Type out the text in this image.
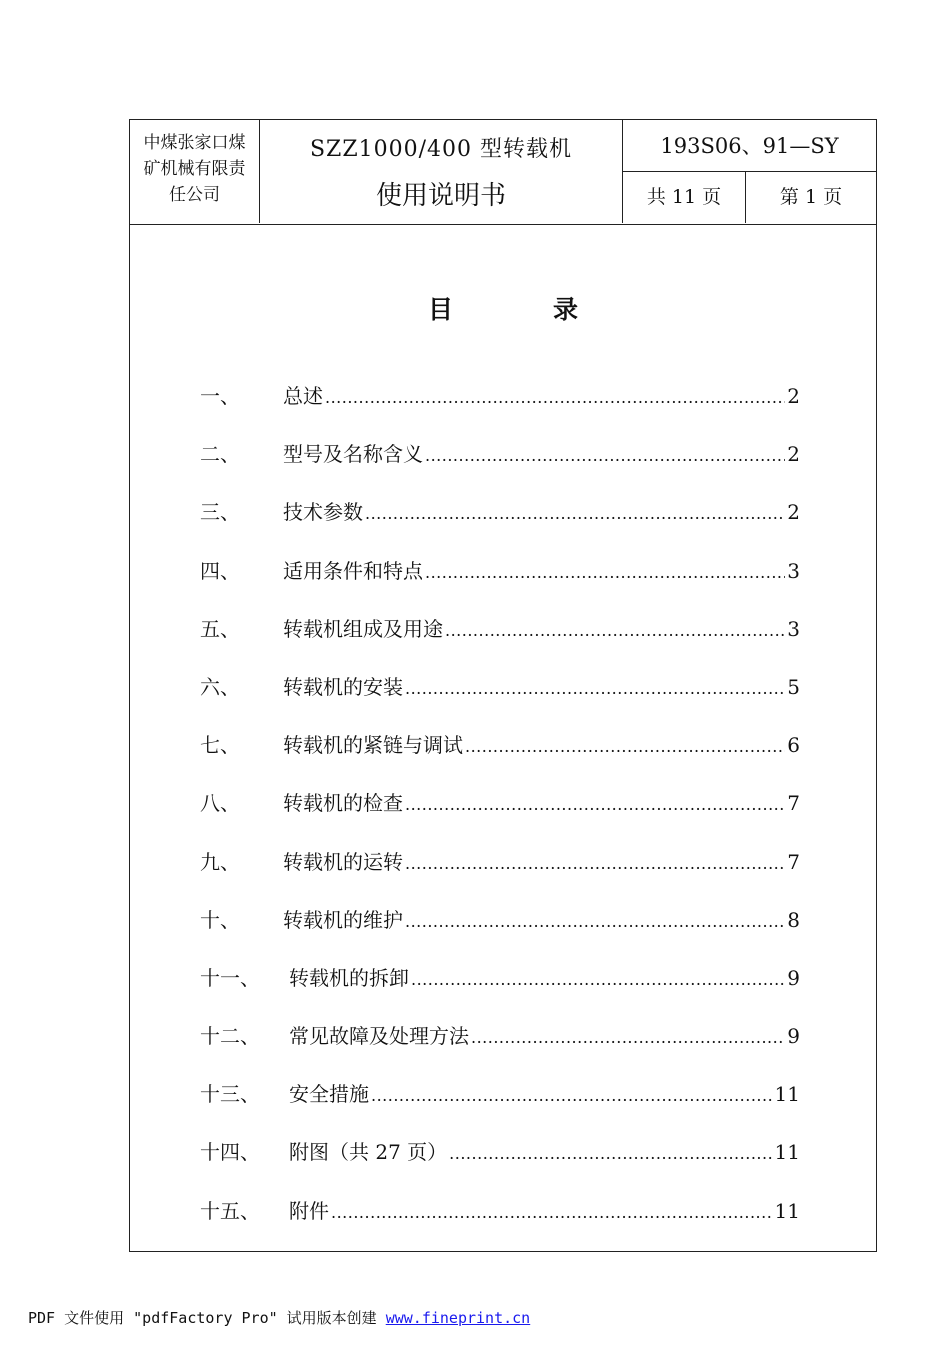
中煤张家口煤
矿机械有限责
任公司
SZZ1000/400 型转载机
使用说明书
193S06、91—SY
共 11 页	第 1 页
目录
一、 总述 .....	2
二、 型号及名称含义 .....	2
三、 技术参数 .....	2
四、 适用条件和特点 .....	3
五、 转载机组成及用途 .....	3
六、 转载机的安装 .....	5
七、 转载机的紧链与调试 .....	6
八、 转载机的检查 .....	7
九、 转载机的运转 .....	7
十、 转载机的维护 .....	8
十一、 转载机的拆卸 .....	9
十二、 常见故障及处理方法 .....	9
十三、 安全措施 .....	11
十四、 附图（共 27 页） .....	11
十五、 附件 .....	11
PDF 文件使用 "pdfFactory Pro" 试用版本创建 www.fineprint.cn
